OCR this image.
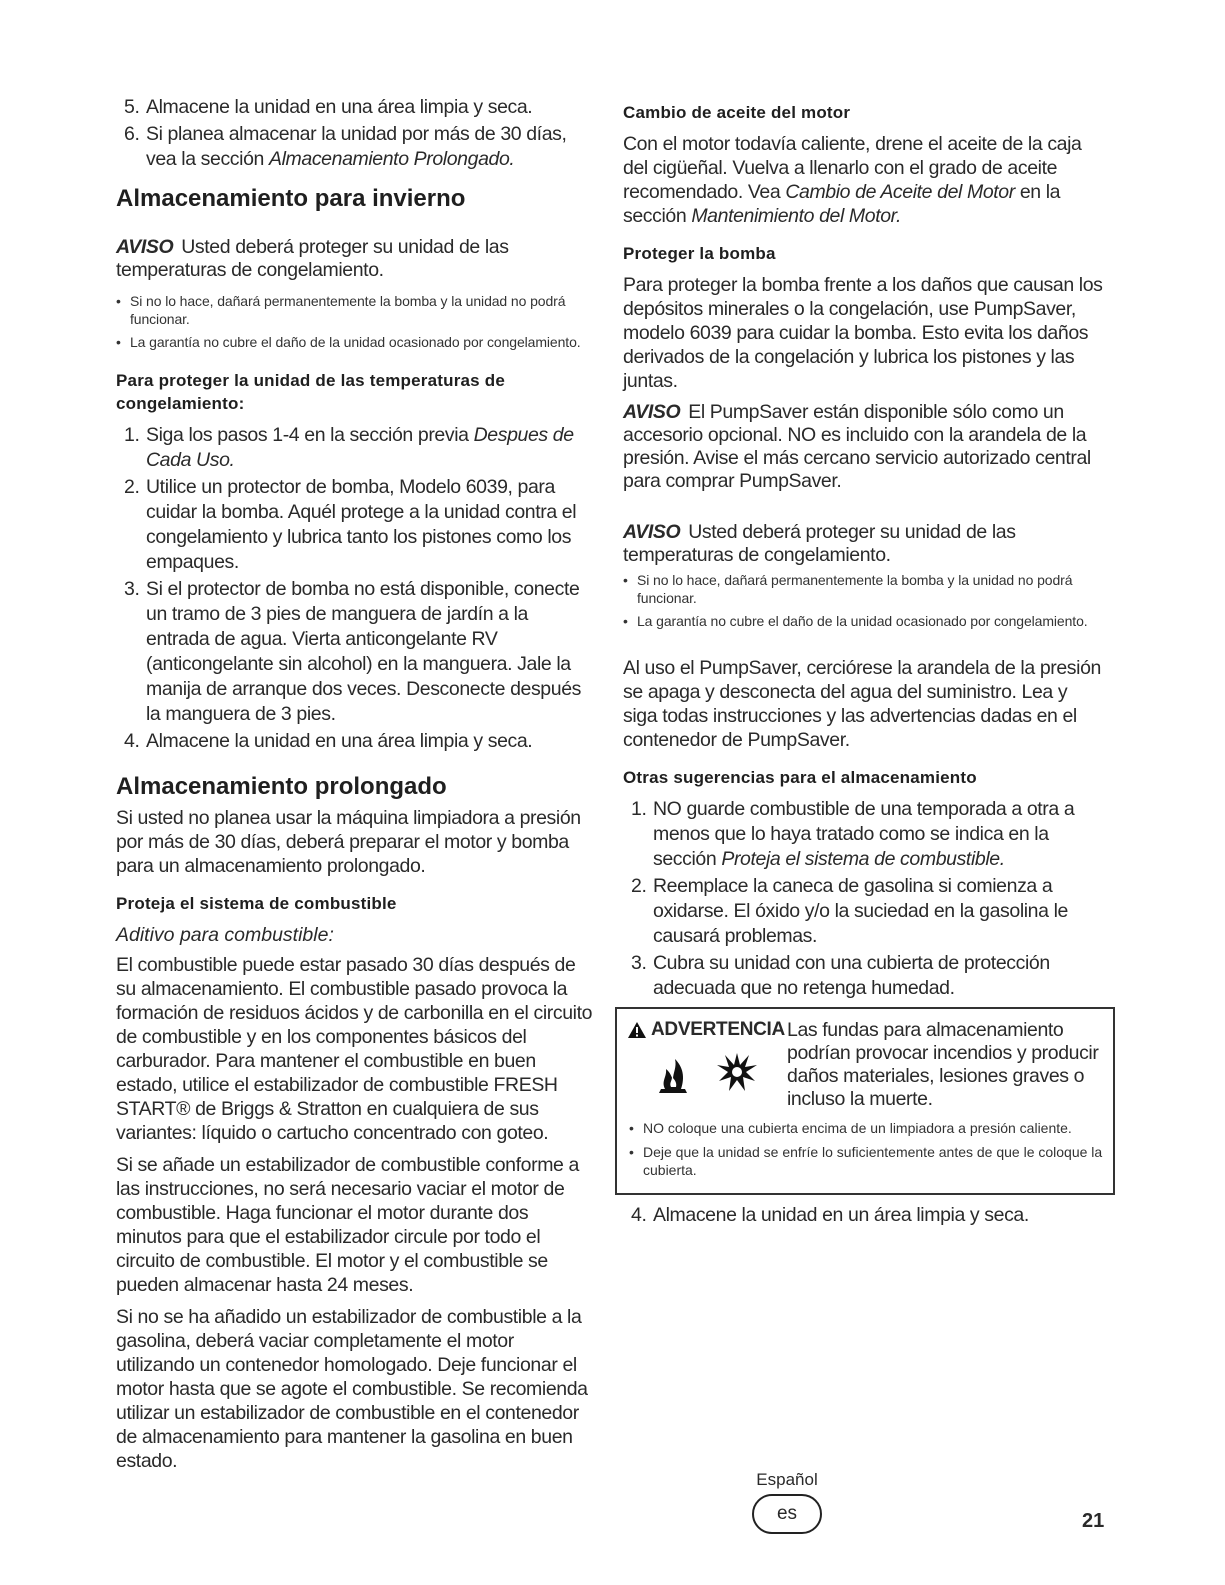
5. Almacene la unidad en una área limpia y seca.
6. Si planea almacenar la unidad por más de 30 días, vea la sección Almacenamiento Prolongado.
Almacenamiento para invierno

AVISO Usted deberá proteger su unidad de las temperaturas de congelamiento.

• Si no lo hace, dañará permanentemente la bomba y la unidad no podrá funcionar.
• La garantía no cubre el daño de la unidad ocasionado por congelamiento.
Para proteger la unidad de las temperaturas de congelamiento:
1. Siga los pasos 1-4 en la sección previa Despues de Cada Uso.
2. Utilice un protector de bomba, Modelo 6039, para cuidar la bomba. Aquél protege a la unidad contra el congelamiento y lubrica tanto los pistones como los empaques.
3. Si el protector de bomba no está disponible, conecte un tramo de 3 pies de manguera de jardín a la entrada de agua. Vierta anticongelante RV (anticongelante sin alcohol) en la manguera. Jale la manija de arranque dos veces. Desconecte después la manguera de 3 pies.
4. Almacene la unidad en una área limpia y seca.
Almacenamiento prolongado

Si usted no planea usar la máquina limpiadora a presión por más de 30 días, deberá preparar el motor y bomba para un almacenamiento prolongado.

Proteja el sistema de combustible

Aditivo para combustible:

El combustible puede estar pasado 30 días después de su almacenamiento. El combustible pasado provoca la formación de residuos ácidos y de carbonilla en el circuito de combustible y en los componentes básicos del carburador. Para mantener el combustible en buen estado, utilice el estabilizador de combustible FRESH START® de Briggs & Stratton en cualquiera de sus variantes: líquido o cartucho concentrado con goteo.

Si se añade un estabilizador de combustible conforme a las instrucciones, no será necesario vaciar el motor de combustible. Haga funcionar el motor durante dos minutos para que el estabilizador circule por todo el circuito de combustible. El motor y el combustible se pueden almacenar hasta 24 meses.

Si no se ha añadido un estabilizador de combustible a la gasolina, deberá vaciar completamente el motor utilizando un contenedor homologado. Deje funcionar el motor hasta que se agote el combustible. Se recomienda utilizar un estabilizador de combustible en el contenedor de almacenamiento para mantener la gasolina en buen estado.

Cambio de aceite del motor

Con el motor todavía caliente, drene el aceite de la caja del cigüeñal. Vuelva a llenarlo con el grado de aceite recomendado. Vea Cambio de Aceite del Motor en la sección Mantenimiento del Motor.

Proteger la bomba

Para proteger la bomba frente a los daños que causan los depósitos minerales o la congelación, use PumpSaver, modelo 6039 para cuidar la bomba. Esto evita los daños derivados de la congelación y lubrica los pistones y las juntas.

AVISO El PumpSaver están disponible sólo como un accesorio opcional. NO es incluido con la arandela de la presión. Avise el más cercano servicio autorizado central para comprar PumpSaver.

AVISO Usted deberá proteger su unidad de las temperaturas de congelamiento.

• Si no lo hace, dañará permanentemente la bomba y la unidad no podrá funcionar.
• La garantía no cubre el daño de la unidad ocasionado por congelamiento.

Al uso el PumpSaver, cerciórese la arandela de la presión se apaga y desconecta del agua del suministro. Lea y siga todas instrucciones y las advertencias dadas en el contenedor de PumpSaver.

Otras sugerencias para el almacenamiento
1. NO guarde combustible de una temporada a otra a menos que lo haya tratado como se indica en la sección Proteja el sistema de combustible.
2. Reemplace la caneca de gasolina si comienza a oxidarse. El óxido y/o la suciedad en la gasolina le causará problemas.
3. Cubra su unidad con una cubierta de protección adecuada que no retenga humedad.
ADVERTENCIA Las fundas para almacenamiento
podrían provocar incendios y producir daños materiales, lesiones graves o incluso la muerte.
• NO coloque una cubierta encima de un limpiadora a presión caliente.
• Deje que la unidad se enfríe lo suficientemente antes de que le coloque la cubierta.
4. Almacene la unidad en un área limpia y seca.
Español
es	21
